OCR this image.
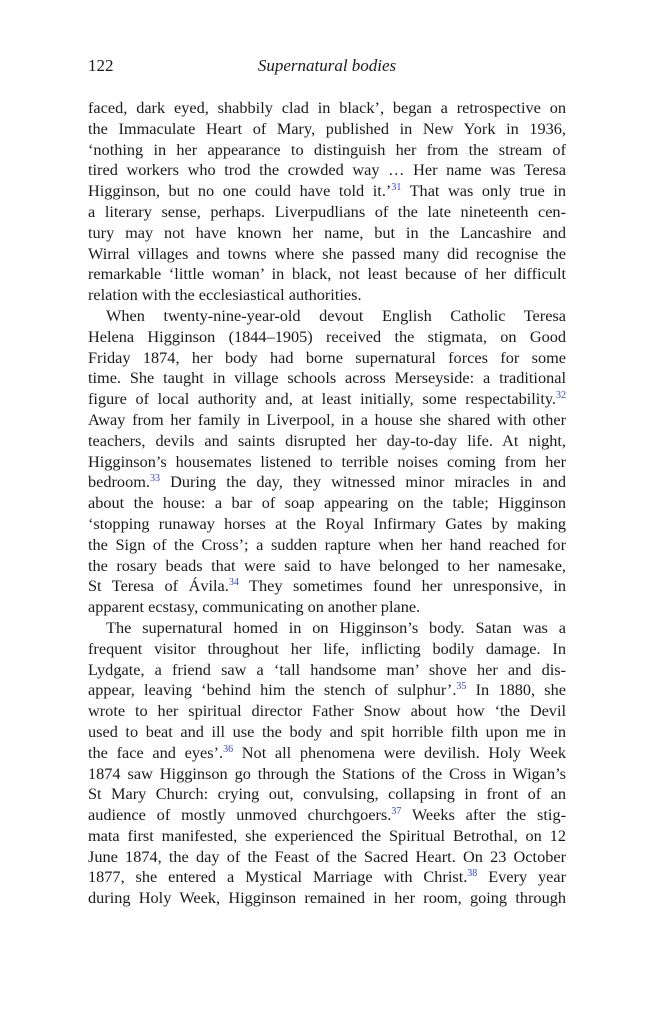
122	Supernatural bodies
faced, dark eyed, shabbily clad in black’, began a retrospective on
the Immaculate Heart of Mary, published in New York in 1936,
‘nothing in her appearance to distinguish her from the stream of
tired workers who trod the crowded way … Her name was Teresa
Higginson, but no one could have told it.’$^{31}$ That was only true in
a literary sense, perhaps. Liverpudlians of the late nineteenth cen-
tury may not have known her name, but in the Lancashire and
Wirral villages and towns where she passed many did recognise the
remarkable ‘little woman’ in black, not least because of her difficult
relation with the ecclesiastical authorities.
When twenty-nine-year-old devout English Catholic Teresa
Helena Higginson (1844–1905) received the stigmata, on Good
Friday 1874, her body had borne supernatural forces for some
time. She taught in village schools across Merseyside: a traditional
figure of local authority and, at least initially, some respectability.$^{32}$
Away from her family in Liverpool, in a house she shared with other
teachers, devils and saints disrupted her day-to-day life. At night,
Higginson’s housemates listened to terrible noises coming from her
bedroom.$^{33}$ During the day, they witnessed minor miracles in and
about the house: a bar of soap appearing on the table; Higginson
‘stopping runaway horses at the Royal Infirmary Gates by making
the Sign of the Cross’; a sudden rapture when her hand reached for
the rosary beads that were said to have belonged to her namesake,
St Teresa of Ávila.$^{34}$ They sometimes found her unresponsive, in
apparent ecstasy, communicating on another plane.
The supernatural homed in on Higginson’s body. Satan was a
frequent visitor throughout her life, inflicting bodily damage. In
Lydgate, a friend saw a ‘tall handsome man’ shove her and dis-
appear, leaving ‘behind him the stench of sulphur’.$^{35}$ In 1880, she
wrote to her spiritual director Father Snow about how ‘the Devil
used to beat and ill use the body and spit horrible filth upon me in
the face and eyes’.$^{36}$ Not all phenomena were devilish. Holy Week
1874 saw Higginson go through the Stations of the Cross in Wigan’s
St Mary Church: crying out, convulsing, collapsing in front of an
audience of mostly unmoved churchgoers.$^{37}$ Weeks after the stig-
mata first manifested, she experienced the Spiritual Betrothal, on 12
June 1874, the day of the Feast of the Sacred Heart. On 23 October
1877, she entered a Mystical Marriage with Christ.$^{38}$ Every year
during Holy Week, Higginson remained in her room, going through
